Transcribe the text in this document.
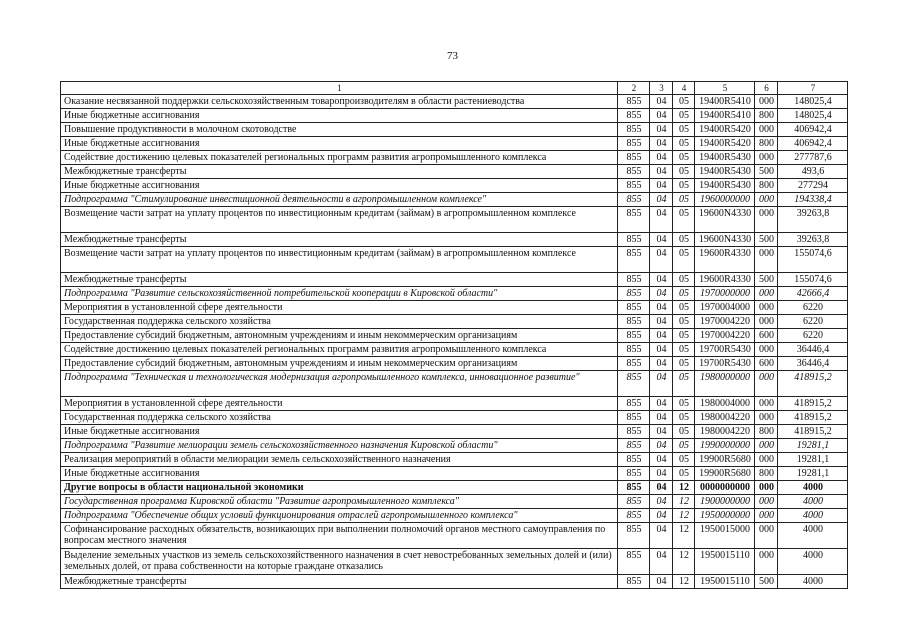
73
1	2	3	4	5	6	7
Оказание несвязанной поддержки сельскохозяйственным товаропроизводителям в области растениеводства	855	04	05	19400R5410	000	148025,4
Иные бюджетные ассигнования	855	04	05	19400R5410	800	148025,4
Повышение продуктивности в молочном скотоводстве	855	04	05	19400R5420	000	406942,4
Иные бюджетные ассигнования	855	04	05	19400R5420	800	406942,4
Содействие достижению целевых показателей региональных программ развития агропромышленного комплекса	855	04	05	19400R5430	000	277787,6
Межбюджетные трансферты	855	04	05	19400R5430	500	493,6
Иные бюджетные ассигнования	855	04	05	19400R5430	800	277294
Подпрограмма "Стимулирование инвестиционной деятельности в агропромышленном комплексе"	855	04	05	1960000000	000	194338,4
Возмещение части затрат на уплату процентов по инвестиционным кредитам (займам) в агропромышленном комплексе	855	04	05	19600N4330	000	39263,8
Межбюджетные трансферты	855	04	05	19600N4330	500	39263,8
Возмещение части затрат на уплату процентов по инвестиционным кредитам (займам) в агропромышленном комплексе	855	04	05	19600R4330	000	155074,6
Межбюджетные трансферты	855	04	05	19600R4330	500	155074,6
Подпрограмма "Развитие сельскохозяйственной потребительской кооперации в Кировской области"	855	04	05	1970000000	000	42666,4
Мероприятия в установленной сфере деятельности	855	04	05	1970004000	000	6220
Государственная поддержка сельского хозяйства	855	04	05	1970004220	000	6220
Предоставление субсидий бюджетным, автономным учреждениям и иным некоммерческим организациям	855	04	05	1970004220	600	6220
Содействие достижению целевых показателей региональных программ развития агропромышленного комплекса	855	04	05	19700R5430	000	36446,4
Предоставление субсидий бюджетным, автономным учреждениям и иным некоммерческим организациям	855	04	05	19700R5430	600	36446,4
Подпрограмма "Техническая и технологическая модернизация агропромышленного комплекса, инновационное развитие"	855	04	05	1980000000	000	418915,2
Мероприятия в установленной сфере деятельности	855	04	05	1980004000	000	418915,2
Государственная поддержка сельского хозяйства	855	04	05	1980004220	000	418915,2
Иные бюджетные ассигнования	855	04	05	1980004220	800	418915,2
Подпрограмма "Развитие мелиорации земель сельскохозяйственного назначения Кировской области"	855	04	05	1990000000	000	19281,1
Реализация мероприятий в области мелиорации земель сельскохозяйственного назначения	855	04	05	19900R5680	000	19281,1
Иные бюджетные ассигнования	855	04	05	19900R5680	800	19281,1
Другие вопросы в области национальной экономики	855	04	12	0000000000	000	4000
Государственная программа Кировской области "Развитие агропромышленного комплекса"	855	04	12	1900000000	000	4000
Подпрограмма "Обеспечение общих условий функционирования отраслей агропромышленного комплекса"	855	04	12	1950000000	000	4000
Софинансирование расходных обязательств, возникающих при выполнении полномочий органов местного самоуправления по вопросам местного значения	855	04	12	1950015000	000	4000
Выделение земельных участков из земель сельскохозяйственного назначения в счет невостребованных земельных долей и (или) земельных долей, от права собственности на которые граждане отказались	855	04	12	1950015110	000	4000
Межбюджетные трансферты	855	04	12	1950015110	500	4000
